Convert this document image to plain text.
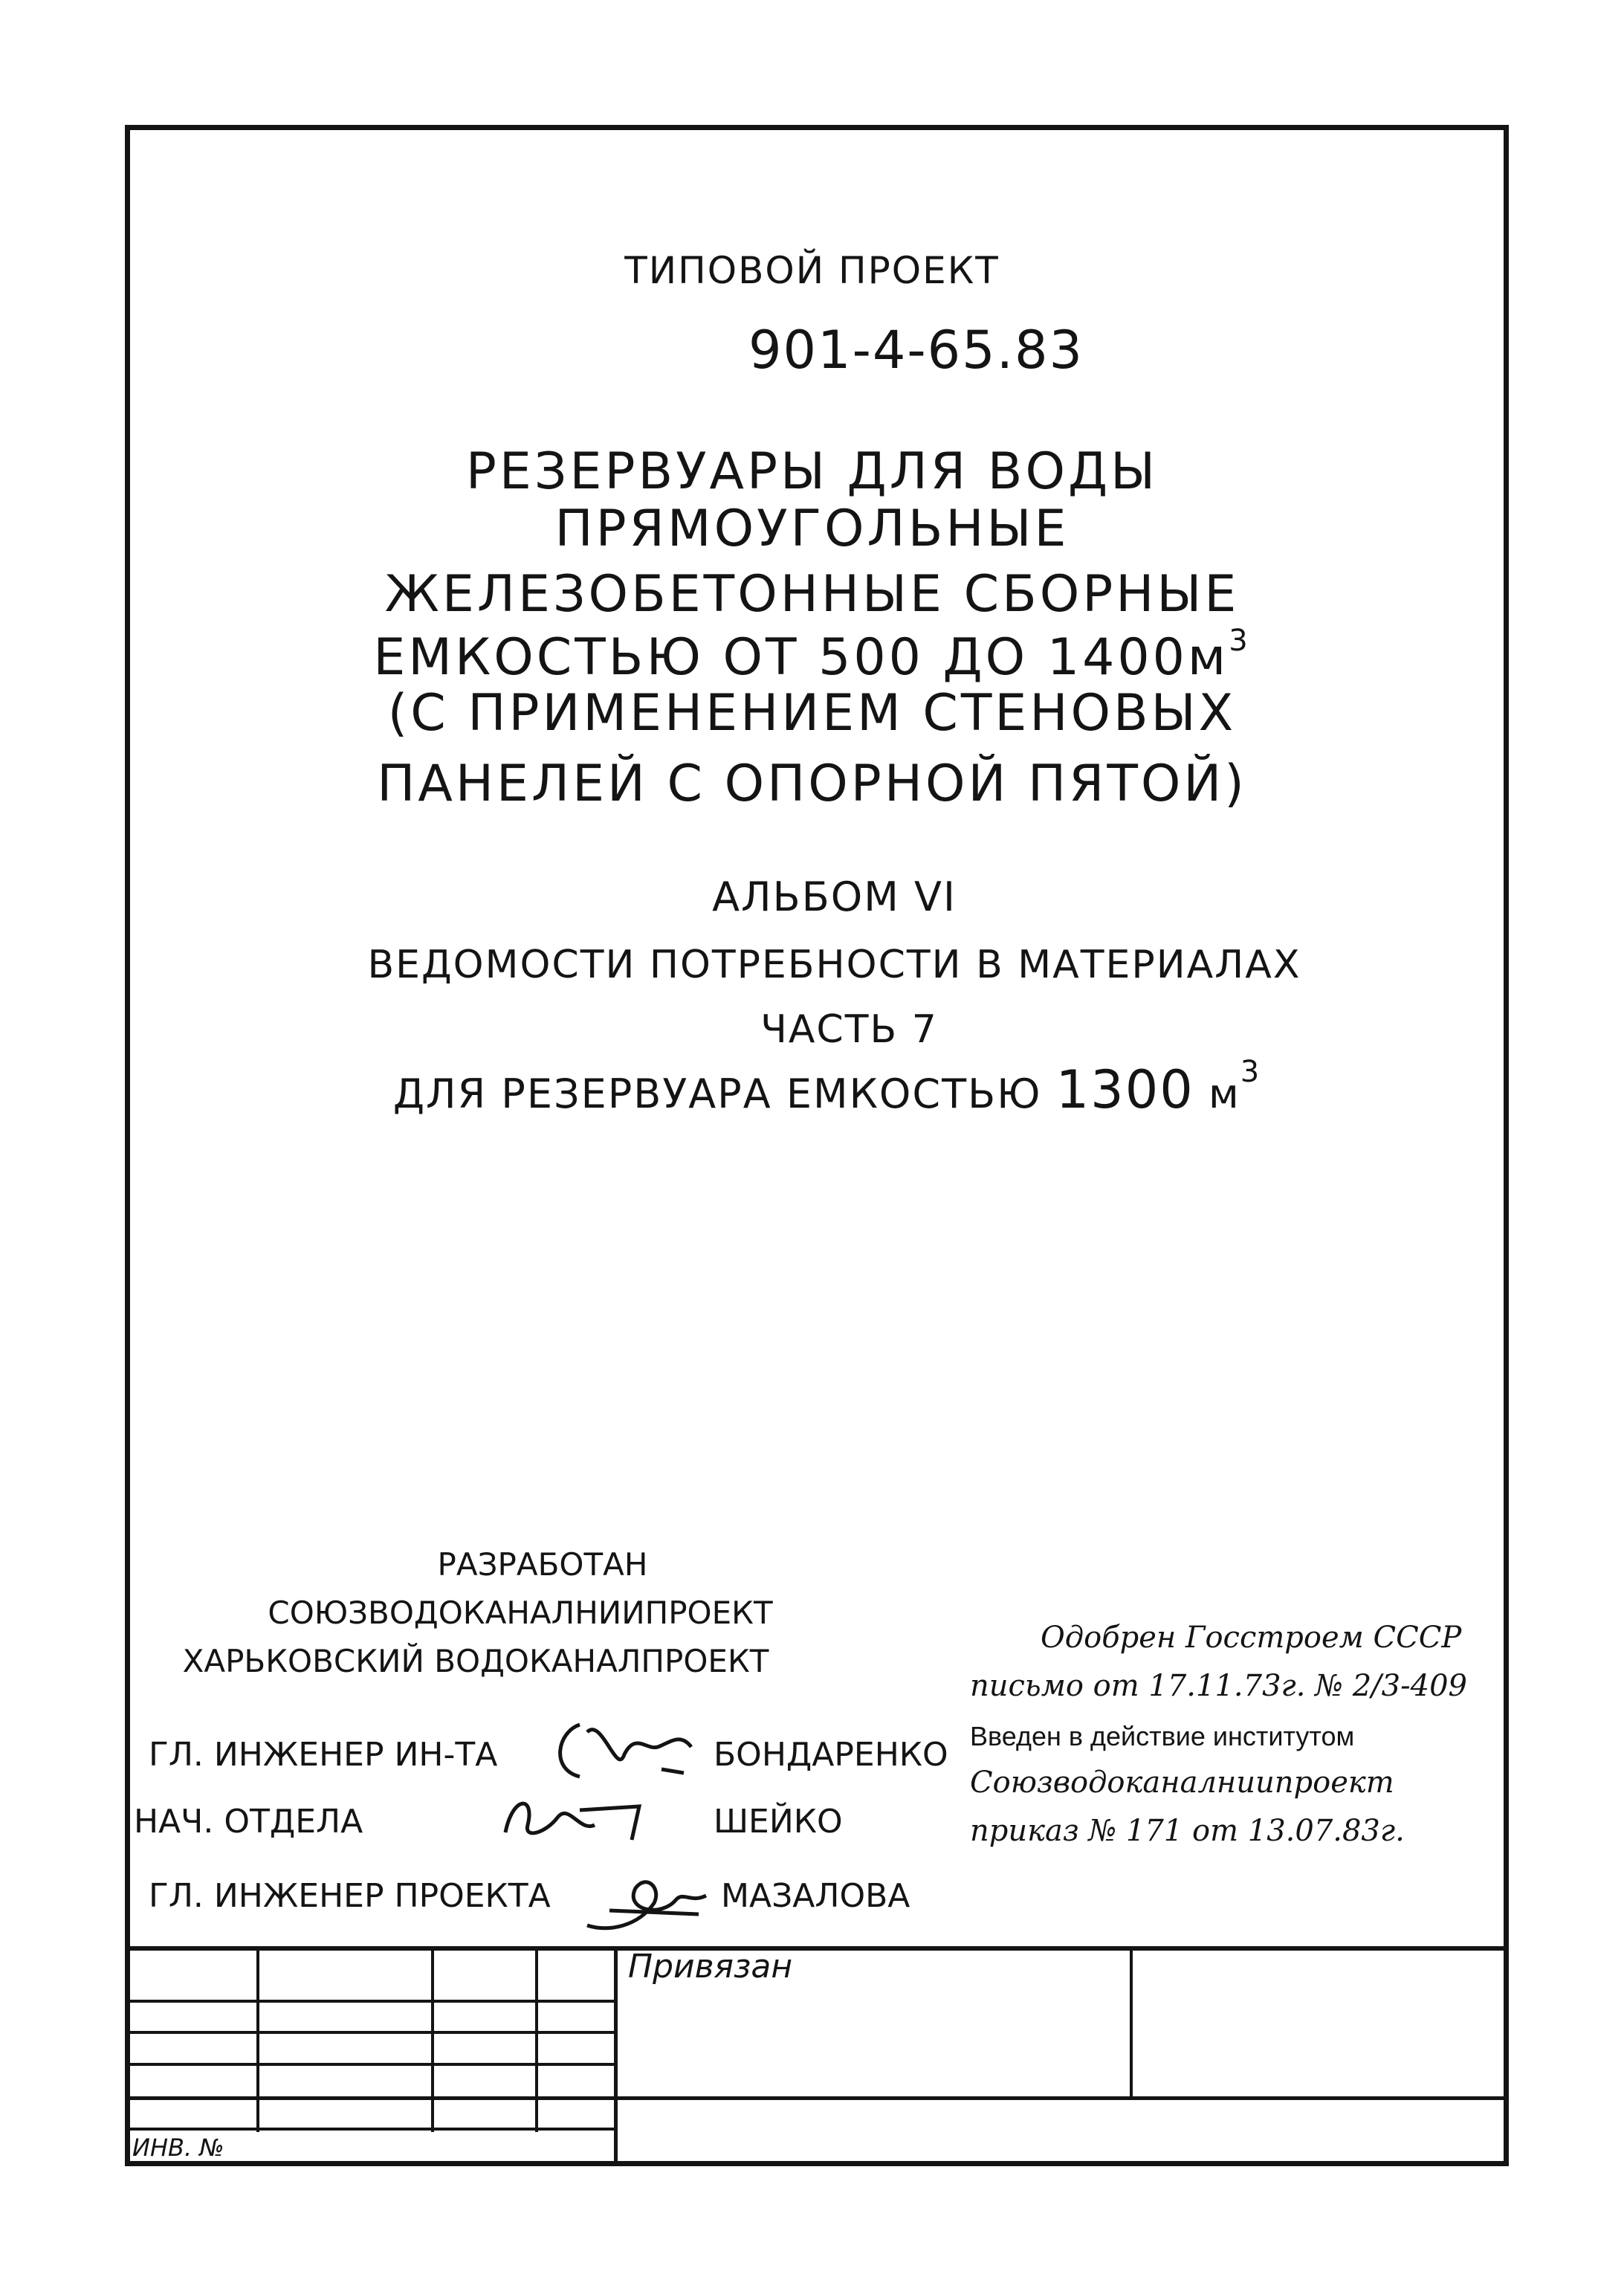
ТИПОВОЙ ПРОЕКТ
901-4-65.83
РЕЗЕРВУАРЫ ДЛЯ ВОДЫ
ПРЯМОУГОЛЬНЫЕ
ЖЕЛЕЗОБЕТОННЫЕ СБОРНЫЕ
ЕМКОСТЬЮ ОТ 500 ДО $1400м^3$
(С ПРИМЕНЕНИЕМ СТЕНОВЫХ
ПАНЕЛЕЙ С ОПОРНОЙ ПЯТОЙ)
АЛЬБОМ VI
ВЕДОМОСТИ ПОТРЕБНОСТИ В МАТЕРИАЛАХ
ЧАСТЬ 7
ДЛЯ РЕЗЕРВУАРА ЕМКОСТЬЮ 1300 $м^3$
РАЗРАБОТАН
СОЮЗВОДОКАНАЛНИИПРОЕКТ
ХАРЬКОВСКИЙ ВОДОКАНАЛПРОЕКТ
Одобрен Госстроем СССР
письмо от 17.11.73г. № 2/3-409
Введен в действие институтом
Союзводоканалниипроект
приказ № 171 от 13.07.83г.
ГЛ. ИНЖЕНЕР ИН-ТА	БОНДАРЕНКО
НАЧ. ОТДЕЛА	ШЕЙКО
ГЛ. ИНЖЕНЕР ПРОЕКТА	МАЗАЛОВА
Привязан
ИНВ. №
